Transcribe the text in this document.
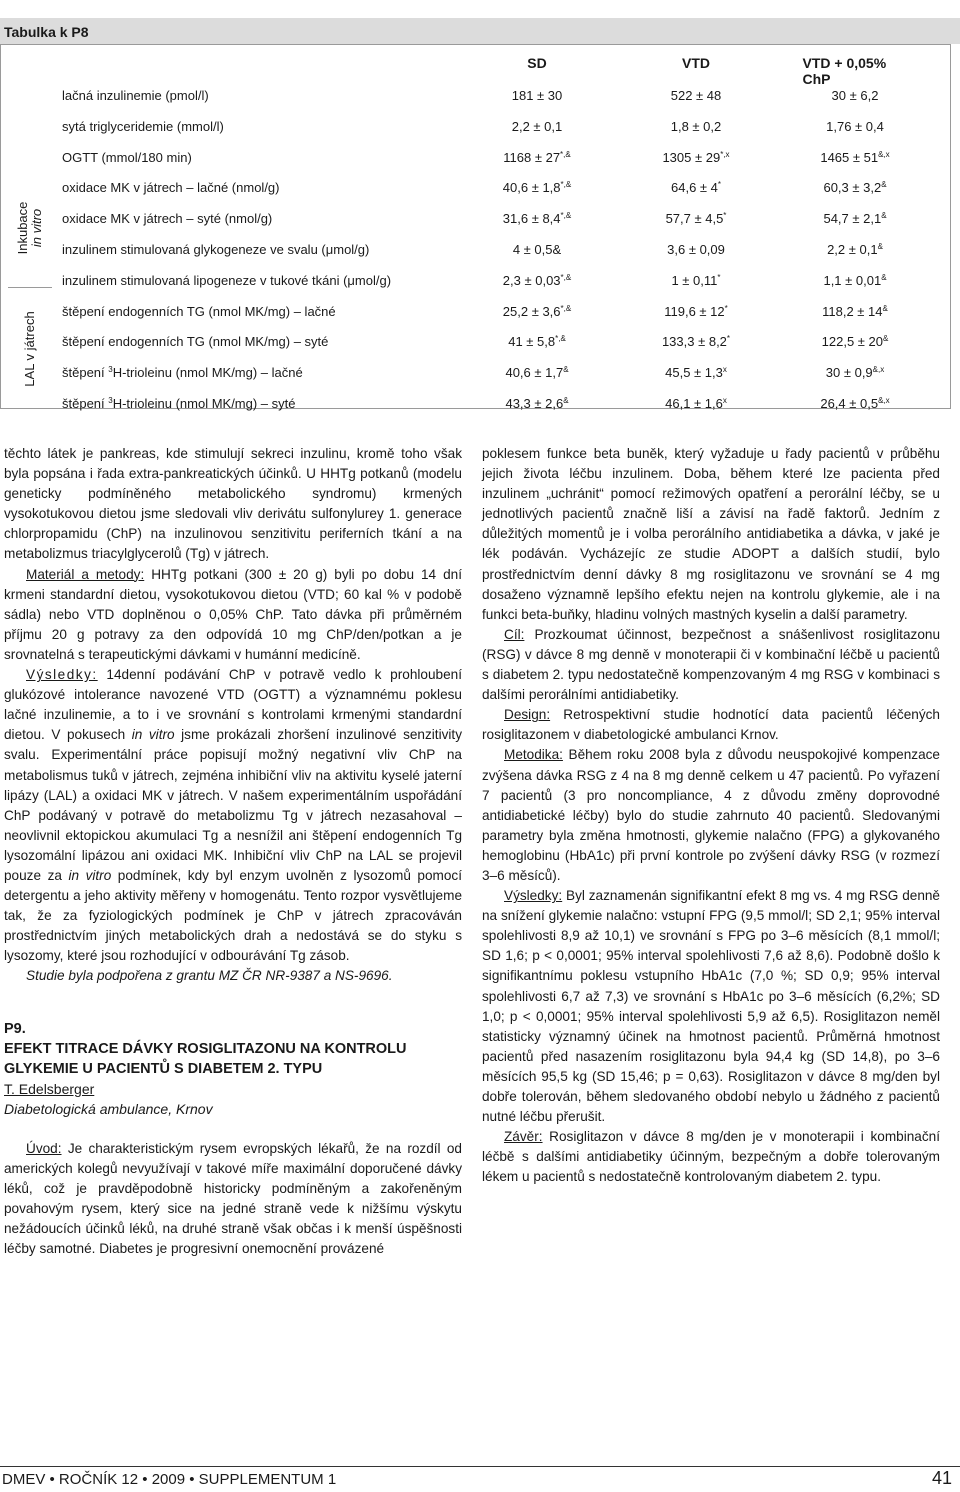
Tabulka k P8
SD	VTD	VTD + 0,05% ChP
Inkubace in vitro
LAL v játrech
lačná inzulinemie (pmol/l)	181 ± 30	522 ± 48	30 ± 6,2
sytá triglyceridemie (mmol/l)	2,2 ± 0,1	1,8 ± 0,2	1,76 ± 0,4
OGTT (mmol/180 min)	1168 ± 27*,&	$1305 \pm 29^{*,x}$	$1465 \pm 51^{\&,x}$
oxidace MK v játrech – lačné (nmol/g)	40,6 ± 1,8*,&	64,6 ± 4*	60,3 ± 3,2&
oxidace MK v játrech – syté (nmol/g)	31,6 ± 8,4*,&	57,7 ± 4,5*	54,7 ± 2,1&
inzulinem stimulovaná glykogeneze ve svalu (μmol/g)	4 ± 0,5&	3,6 ± 0,09	2,2 ± 0,1&
inzulinem stimulovaná lipogeneze v tukové tkáni (μmol/g)	2,3 ± 0,03*,&	1 ± 0,11*	1,1 ± 0,01&
štěpení endogenních TG (nmol MK/mg) – lačné	25,2 ± 3,6*,&	119,6 ± 12*	118,2 ± 14&
štěpení endogenních TG (nmol MK/mg) – syté	41 ± 5,8*,&	133,3 ± 8,2*	122,5 ± 20&
štěpení $^3$H-trioleinu (nmol MK/mg) – lačné	40,6 ± 1,7&	$45,5 \pm 1,3^x$	$30 \pm 0,9^{\&,x}$
štěpení $^3$H-trioleinu (nmol MK/mg) – syté	43,3 ± 2,6&	$46,1 \pm 1,6^x$	$26,4 \pm 0,5^{\&,x}$

těchto látek je pankreas, kde stimulují sekreci inzulinu, kromě toho však byla popsána i řada extra-pankreatických účinků. U HHTg potkanů (modelu geneticky podmíněného metabolického syndromu) krmených vysokotukovou dietou jsme sledovali vliv derivátu sulfonylurey 1. generace chlorpropamidu (ChP) na inzulinovou senzitivitu periferních tkání a na metabolizmus triacylglycerolů (Tg) v játrech.

Materiál a metody: HHTg potkani (300 ± 20 g) byli po dobu 14 dní krmeni standardní dietou, vysokotukovou dietou (VTD; 60 kal % v podobě sádla) nebo VTD doplněnou o 0,05% ChP. Tato dávka při průměrném příjmu 20 g potravy za den odpovídá 10 mg ChP/den/potkan a je srovnatelná s terapeutickými dávkami v humánní medicíně.

Výsledky: 14denní podávání ChP v potravě vedlo k prohloubení glukózové intolerance navozené VTD (OGTT) a významnému poklesu lačné inzulinemie, a to i ve srovnání s kontrolami krmenými standardní dietou. V pokusech in vitro jsme prokázali zhoršení inzulinové senzitivity svalu. Experimentální práce popisují možný negativní vliv ChP na metabolismus tuků v játrech, zejména inhibiční vliv na aktivitu kyselé jaterní lipázy (LAL) a oxidaci MK v játrech. V našem experimentálním uspořádání ChP podávaný v potravě do metabolizmu Tg v játrech nezasahoval – neovlivnil ektopickou akumulaci Tg a nesnížil ani štěpení endogenních Tg lysozomální lipázou ani oxidaci MK. Inhibiční vliv ChP na LAL se projevil pouze za in vitro podmínek, kdy byl enzym uvolněn z lysozomů pomocí detergentu a jeho aktivity měřeny v homogenátu. Tento rozpor vysvětlujeme tak, že za fyziologických podmínek je ChP v játrech zpracováván prostřednictvím jiných metabolických drah a nedostává se do styku s lysozomy, které jsou rozhodující v odbourávání Tg zásob.

Studie byla podpořena z grantu MZ ČR NR-9387 a NS-9696.

P9.

EFEKT TITRACE DÁVKY ROSIGLITAZONU NA KONTROLU GLYKEMIE U PACIENTŮ S DIABETEM 2. TYPU

T. Edelsberger

Diabetologická ambulance, Krnov

Úvod: Je charakteristickým rysem evropských lékařů, že na rozdíl od amerických kolegů nevyužívají v takové míře maximální doporučené dávky léků, což je pravděpodobně historicky podmíněným a zakořeněným povahovým rysem, který sice na jedné straně vede k nižšímu výskytu nežádoucích účinků léků, na druhé straně však občas i k menší úspěšnosti léčby samotné. Diabetes je progresivní onemocnění provázené

poklesem funkce beta buněk, který vyžaduje u řady pacientů v průběhu jejich života léčbu inzulinem. Doba, během které lze pacienta před inzulinem „uchránit“ pomocí režimových opatření a perorální léčby, se u jednotlivých pacientů značně liší a závisí na řadě faktorů. Jedním z důležitých momentů je i volba perorálního antidiabetika a dávka, v jaké je lék podáván. Vycházejíc ze studie ADOPT a dalších studií, bylo prostřednictvím denní dávky 8 mg rosiglitazonu ve srovnání se 4 mg dosaženo významně lepšího efektu nejen na kontrolu glykemie, ale i na funkci beta-buňky, hladinu volných mastných kyselin a další parametry.

Cíl: Prozkoumat účinnost, bezpečnost a snášenlivost rosiglitazonu (RSG) v dávce 8 mg denně v monoterapii či v kombinační léčbě u pacientů s diabetem 2. typu nedostatečně kompenzovaným 4 mg RSG v kombinaci s dalšími perorálními antidiabetiky.

Design: Retrospektivní studie hodnotící data pacientů léčených rosiglitazonem v diabetologické ambulanci Krnov.

Metodika: Během roku 2008 byla z důvodu neuspokojivé kompenzace zvýšena dávka RSG z 4 na 8 mg denně celkem u 47 pacientů. Po vyřazení 7 pacientů (3 pro noncompliance, 4 z důvodu změny doprovodné antidiabetické léčby) bylo do studie zahrnuto 40 pacientů. Sledovanými parametry byla změna hmotnosti, glykemie nalačno (FPG) a glykovaného hemoglobinu (HbA1c) při první kontrole po zvýšení dávky RSG (v rozmezí 3–6 měsíců).

Výsledky: Byl zaznamenán signifikantní efekt 8 mg vs. 4 mg RSG denně na snížení glykemie nalačno: vstupní FPG (9,5 mmol/l; SD 2,1; 95% interval spolehlivosti 8,9 až 10,1) ve srovnání s FPG po 3–6 měsících (8,1 mmol/l; SD 1,6; p < 0,0001; 95% interval spolehlivosti 7,6 až 8,6). Podobně došlo k signifikantnímu poklesu vstupního HbA1c (7,0 %; SD 0,9; 95% interval spolehlivosti 6,7 až 7,3) ve srovnání s HbA1c po 3–6 měsících (6,2%; SD 1,0; p < 0,0001; 95% interval spolehlivosti 5,9 až 6,5). Rosiglitazon neměl statisticky významný účinek na hmotnost pacientů. Průměrná hmotnost pacientů před nasazením rosiglitazonu byla 94,4 kg (SD 14,8), po 3–6 měsících 95,5 kg (SD 15,46; p = 0,63). Rosiglitazon v dávce 8 mg/den byl dobře tolerován, během sledovaného období nebylo u žádného z pacientů nutné léčbu přerušit.

Závěr: Rosiglitazon v dávce 8 mg/den je v monoterapii i kombinační léčbě s dalšími antidiabetiky účinným, bezpečným a dobře tolerovaným lékem u pacientů s nedostatečně kontrolovaným diabetem 2. typu.

DMEV • ROČNÍK 12 • 2009 • SUPPLEMENTUM 1	41
